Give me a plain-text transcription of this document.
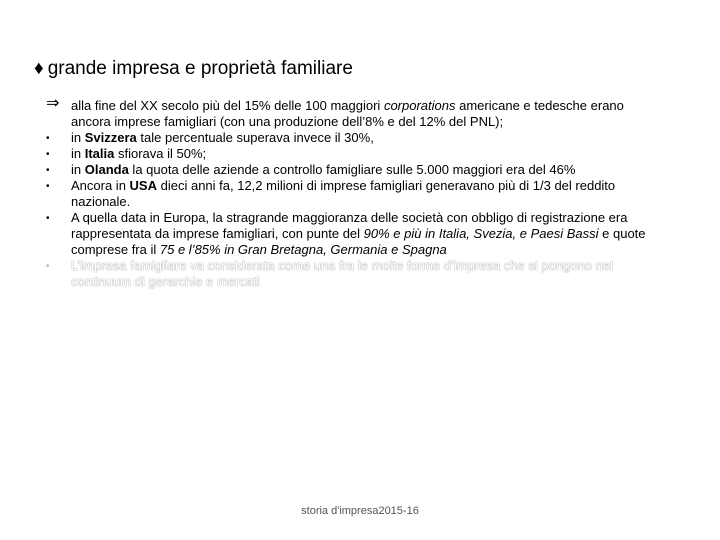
♦ grande impresa e proprietà familiare
⇒ alla fine del XX secolo più del 15% delle 100 maggiori corporations americane e tedesche erano ancora imprese famigliari (con una produzione dell’8% e del 12% del PNL);
• in Svizzera tale percentuale superava invece il 30%,
• in Italia sfiorava il 50%;
• in Olanda la quota delle aziende a controllo famigliare sulle 5.000 maggiori era del 46%
• Ancora in USA dieci anni fa, 12,2 milioni di imprese famigliari generavano più di 1/3 del reddito nazionale.
• A quella data in Europa, la stragrande maggioranza delle società con obbligo di registrazione era rappresentata da imprese famigliari, con punte del 90% e più in Italia, Svezia, e Paesi Bassi e quote comprese fra il 75 e l’85% in Gran Bretagna, Germania e Spagna
• L’impresa famigliare va considerata come una fra le molte forme d’impresa che si pongono nel continuum di gerarchie e mercati
storia d'impresa2015-16
